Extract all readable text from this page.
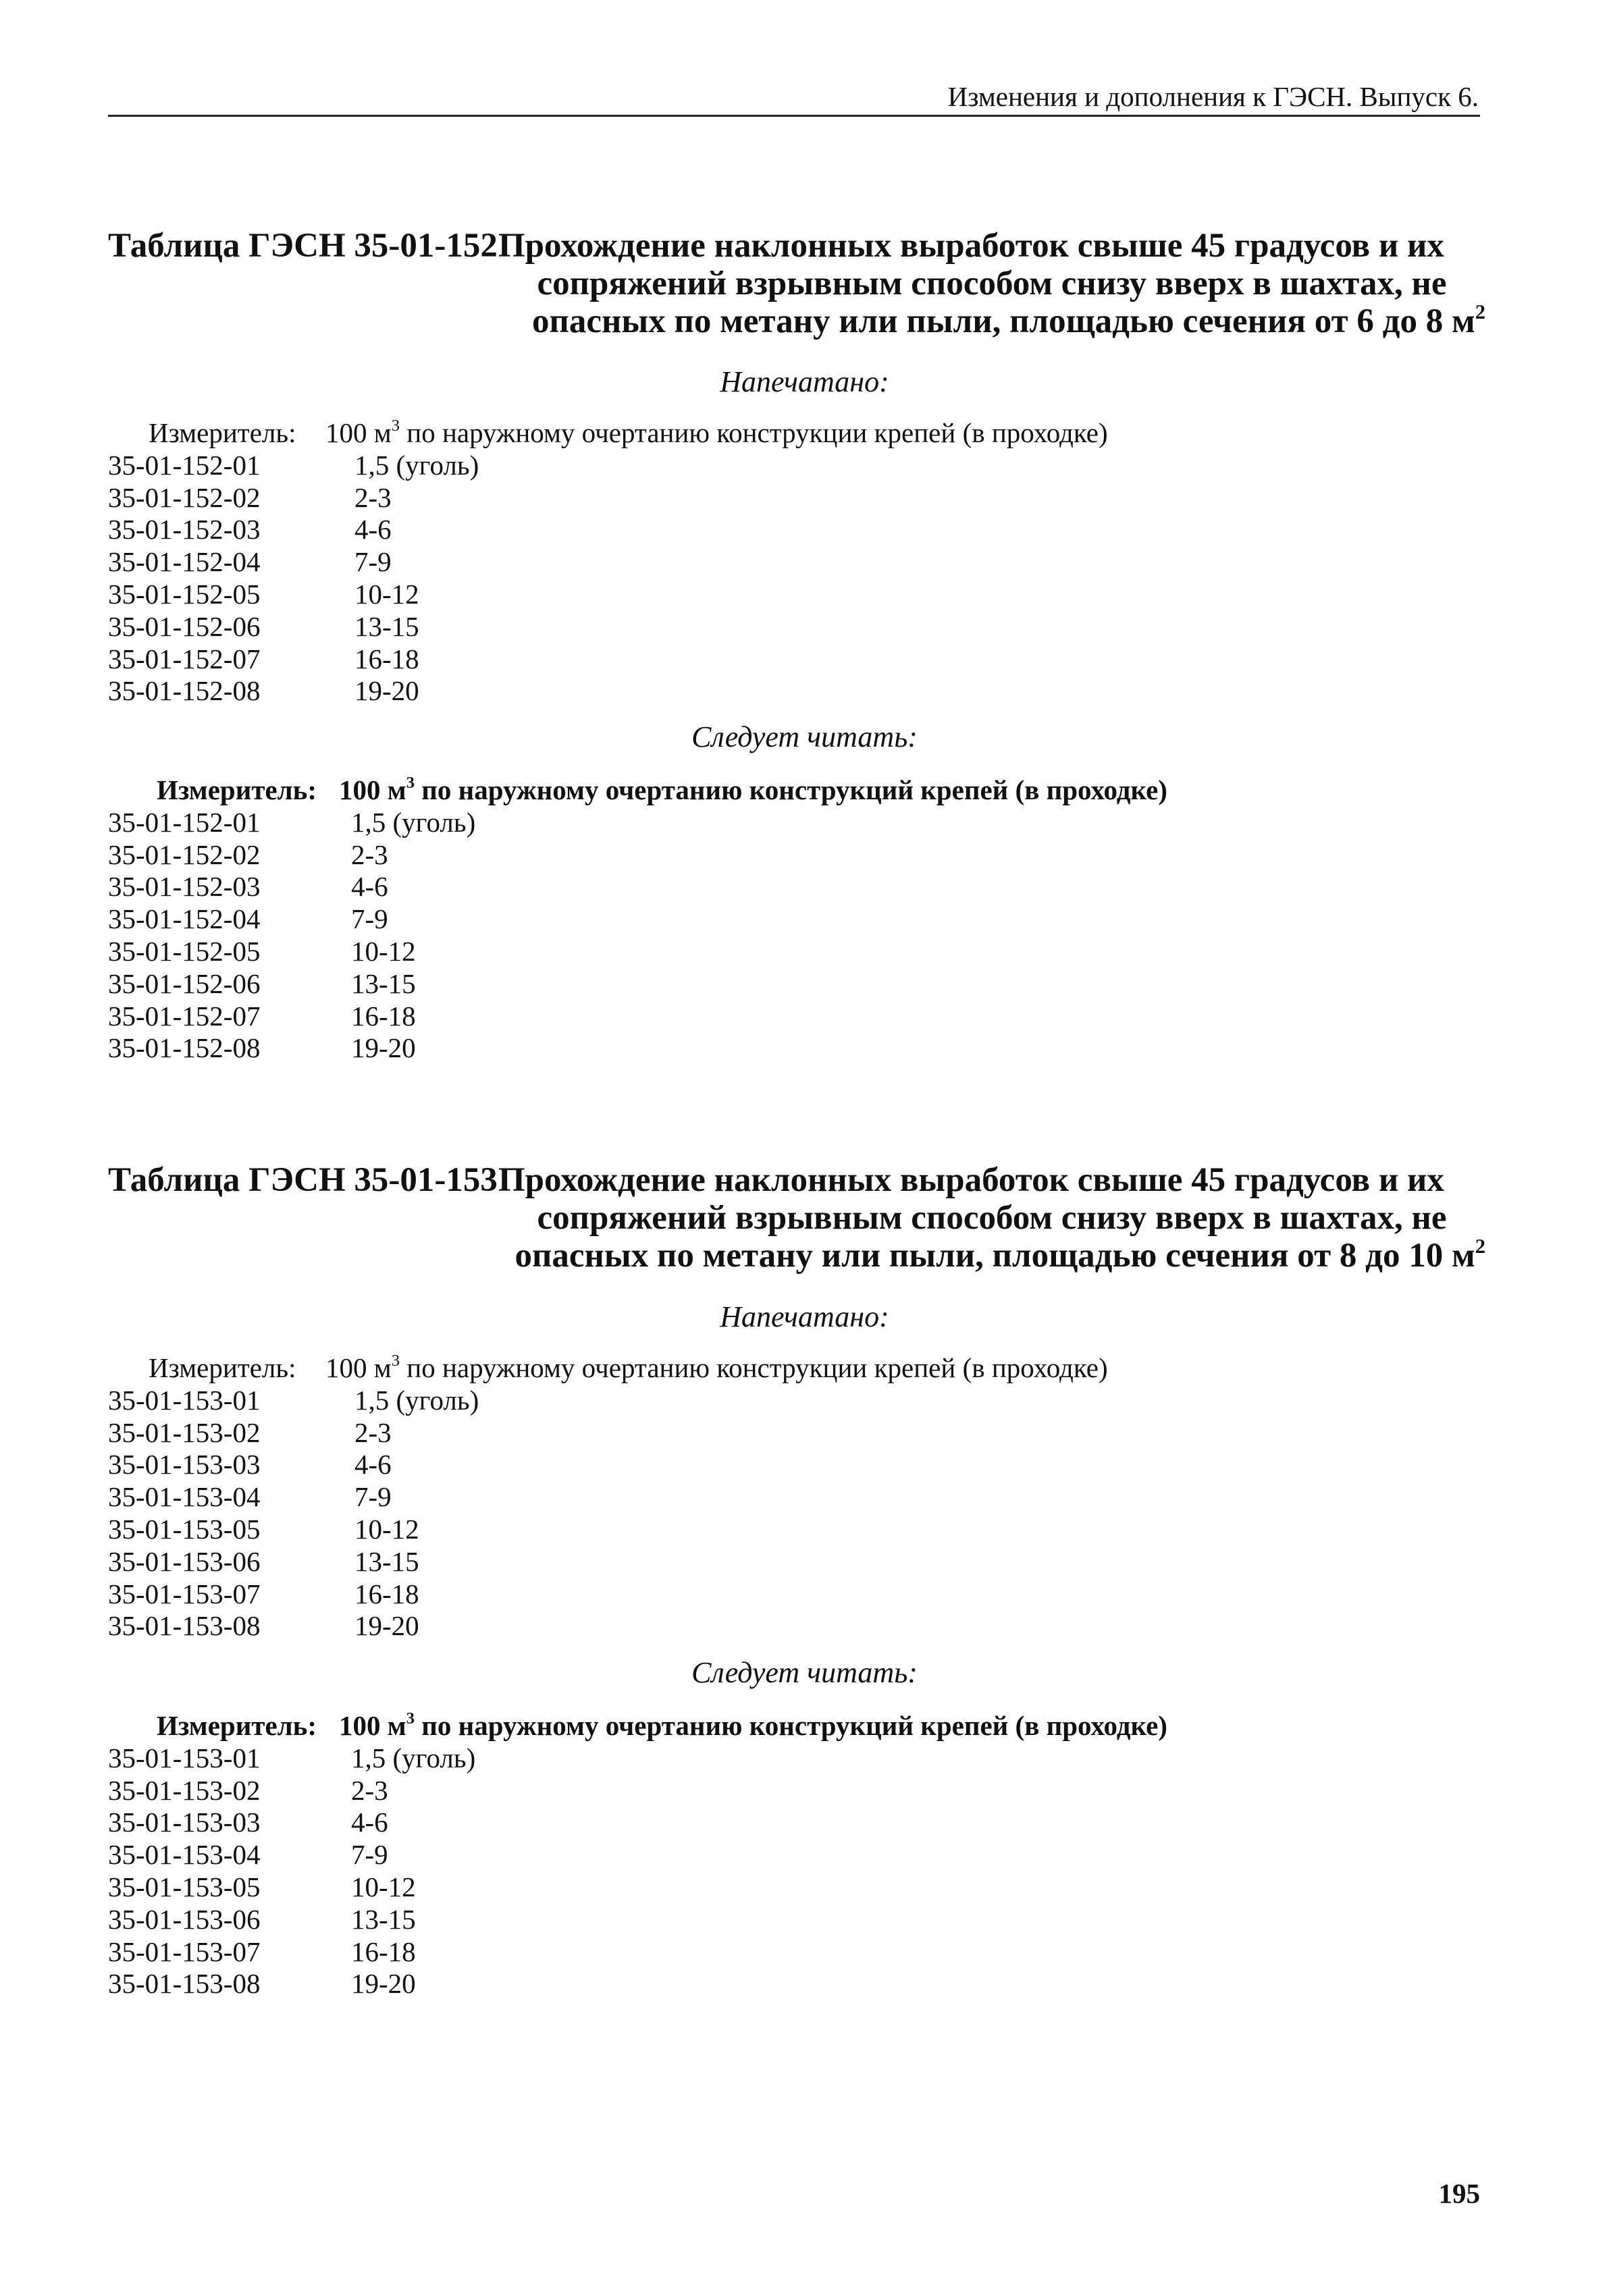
Изменения и дополнения к ГЭСН. Выпуск 6.
Таблица ГЭСН 35-01-152 Прохождение наклонных выработок свыше 45 градусов и их
сопряжений взрывным способом снизу вверх в шахтах, не
опасных по метану или пыли, площадью сечения от 6 до 8 $м^2$
Напечатано:
Измеритель: 100 $м^3$ по наружному очертанию конструкции крепей (в проходке)
35-01-152-01	1,5 (уголь)
35-01-152-02	2-3
35-01-152-03	4-6
35-01-152-04	7-9
35-01-152-05	10-12
35-01-152-06	13-15
35-01-152-07	16-18
35-01-152-08	19-20
Следует читать:
Измеритель: 100 $м^3$ по наружному очертанию конструкций крепей (в проходке)
35-01-152-01	1,5 (уголь)
35-01-152-02	2-3
35-01-152-03	4-6
35-01-152-04	7-9
35-01-152-05	10-12
35-01-152-06	13-15
35-01-152-07	16-18
35-01-152-08	19-20
Таблица ГЭСН 35-01-153 Прохождение наклонных выработок свыше 45 градусов и их
сопряжений взрывным способом снизу вверх в шахтах, не
опасных по метану или пыли, площадью сечения от 8 до 10 $м^2$
Напечатано:
Измеритель: 100 $м^3$ по наружному очертанию конструкции крепей (в проходке)
35-01-153-01	1,5 (уголь)
35-01-153-02	2-3
35-01-153-03	4-6
35-01-153-04	7-9
35-01-153-05	10-12
35-01-153-06	13-15
35-01-153-07	16-18
35-01-153-08	19-20
Следует читать:
Измеритель: 100 $м^3$ по наружному очертанию конструкций крепей (в проходке)
35-01-153-01	1,5 (уголь)
35-01-153-02	2-3
35-01-153-03	4-6
35-01-153-04	7-9
35-01-153-05	10-12
35-01-153-06	13-15
35-01-153-07	16-18
35-01-153-08	19-20
195
